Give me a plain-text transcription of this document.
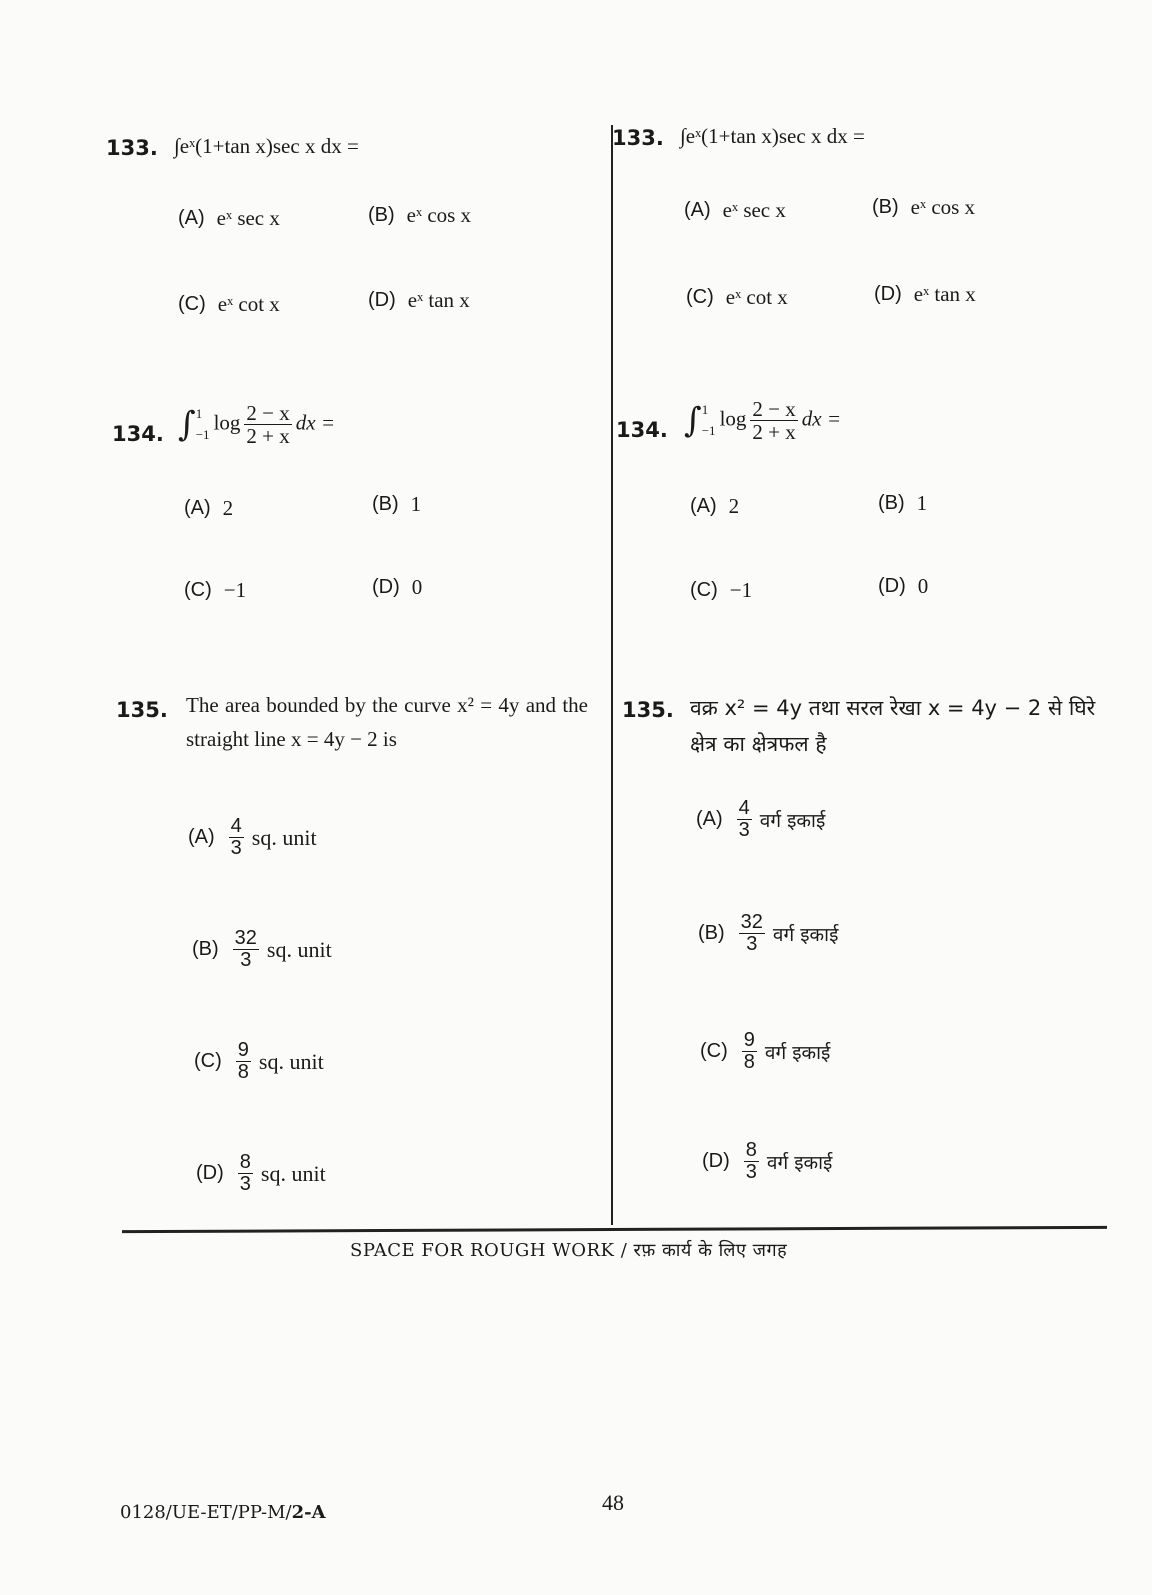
133. ∫eˣ(1+tan x)sec x dx =
(A) eˣ sec x	(B) eˣ cos x
(C) eˣ cot x	(D) eˣ tan x
134. ∫ 1
−1 $\log \frac{2 - x}{2 + x}$ dx =
(A) 2	(B) 1
(C) −1	(D) 0
135. The area bounded by the curve x² = 4y and the straight line x = 4y − 2 is
$(A) \frac{4}{3}$ sq. unit
$(B) \frac{32}{3}$ sq. unit
$(C) \frac{9}{8}$ sq. unit
$(D) \frac{8}{3}$ sq. unit
133. ∫eˣ(1+tan x)sec x dx =
(A) eˣ sec x	(B) eˣ cos x
(C) eˣ cot x	(D) eˣ tan x
134. ∫ 1
−1 $\log \frac{2 - x}{2 + x}$ dx =
(A) 2	(B) 1
(C) −1	(D) 0
135. वक्र x² = 4y तथा सरल रेखा x = 4y − 2 से घिरे क्षेत्र का क्षेत्रफल है
$(A) \frac{4}{3}$ वर्ग इकाई
$(B) \frac{32}{3}$ वर्ग इकाई
$(C) \frac{9}{8}$ वर्ग इकाई
$(D) \frac{8}{3}$ वर्ग इकाई
SPACE FOR ROUGH WORK / रफ़ कार्य के लिए जगह
0128/UE-ET/PP-M/2-A	48
